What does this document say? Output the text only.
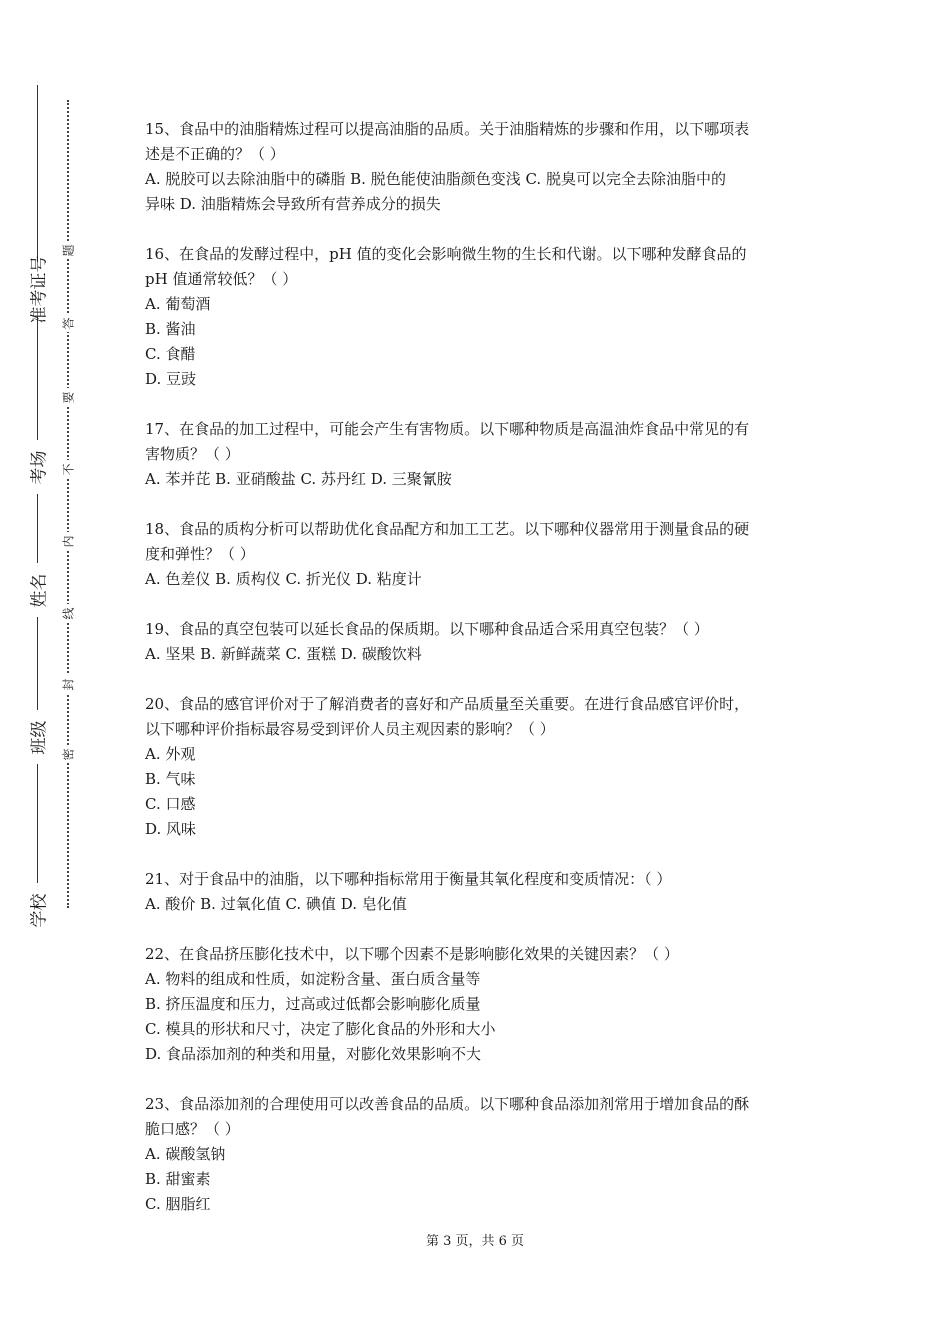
准考证号
考场
姓名
班级
学校
题
答
要
不
内
线
封
密

15、食品中的油脂精炼过程可以提高油脂的品质。关于油脂精炼的步骤和作用，以下哪项表

述是不正确的？（ ）

A. 脱胶可以去除油脂中的磷脂 B. 脱色能使油脂颜色变浅 C. 脱臭可以完全去除油脂中的

异味 D. 油脂精炼会导致所有营养成分的损失

16、在食品的发酵过程中，pH 值的变化会影响微生物的生长和代谢。以下哪种发酵食品的

pH 值通常较低？（ ）

A. 葡萄酒

B. 酱油

C. 食醋

D. 豆豉

17、在食品的加工过程中，可能会产生有害物质。以下哪种物质是高温油炸食品中常见的有

害物质？（ ）

A. 苯并芘 B. 亚硝酸盐 C. 苏丹红 D. 三聚氰胺

18、食品的质构分析可以帮助优化食品配方和加工工艺。以下哪种仪器常用于测量食品的硬

度和弹性？（ ）

A. 色差仪 B. 质构仪 C. 折光仪 D. 粘度计

19、食品的真空包装可以延长食品的保质期。以下哪种食品适合采用真空包装？（ ）

A. 坚果 B. 新鲜蔬菜 C. 蛋糕 D. 碳酸饮料

20、食品的感官评价对于了解消费者的喜好和产品质量至关重要。在进行食品感官评价时，

以下哪种评价指标最容易受到评价人员主观因素的影响？（ ）

A. 外观

B. 气味

C. 口感

D. 风味

21、对于食品中的油脂，以下哪种指标常用于衡量其氧化程度和变质情况：（ ）

A. 酸价 B. 过氧化值 C. 碘值 D. 皂化值

22、在食品挤压膨化技术中，以下哪个因素不是影响膨化效果的关键因素？（ ）

A. 物料的组成和性质，如淀粉含量、蛋白质含量等

B. 挤压温度和压力，过高或过低都会影响膨化质量

C. 模具的形状和尺寸，决定了膨化食品的外形和大小

D. 食品添加剂的种类和用量，对膨化效果影响不大

23、食品添加剂的合理使用可以改善食品的品质。以下哪种食品添加剂常用于增加食品的酥

脆口感？（ ）

A. 碳酸氢钠

B. 甜蜜素

C. 胭脂红

第 3 页，共 6 页
